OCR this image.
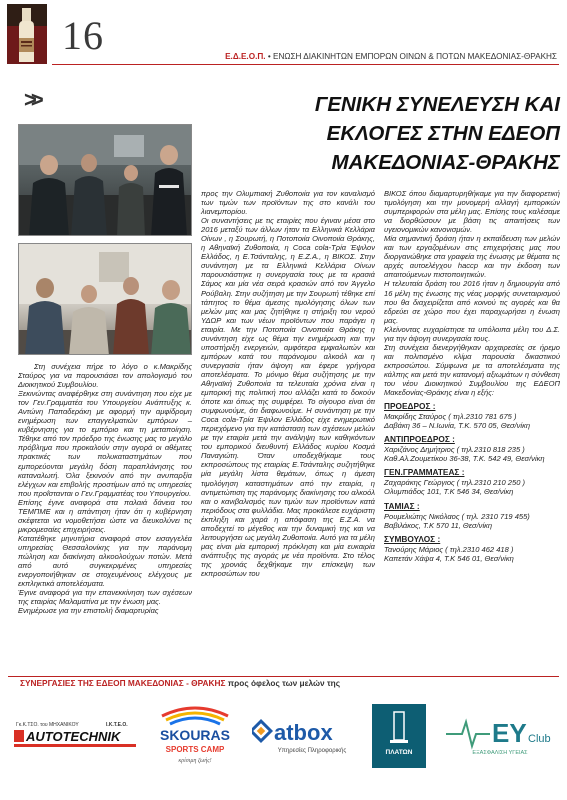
16	Ε.Δ.Ε.Ο.Π. • ΕΝΩΣΗ ΔΙΑΚΙΝΗΤΩΝ ΕΜΠΟΡΩΝ ΟΙΝΩΝ & ΠΟΤΩΝ ΜΑΚΕΔΟΝΙΑΣ-ΘΡΑΚΗΣ
>>	ΓΕΝΙΚΗ ΣΥΝΕΛΕΥΣΗ ΚΑΙ
ΕΚΛΟΓΕΣ ΣΤΗΝ ΕΔΕΟΠ
ΜΑΚΕΔΟΝΙΑΣ-ΘΡΑΚΗΣ

Στη συνέχεια πήρε το λόγο ο κ.Μακρίδης Σταύρος για να παρουσιάσει τον απολογισμό του Διοικητικού Συμβουλίου.

Ξεκινώντας αναφέρθηκε στη συνάντηση που είχε με τον Γεν.Γραμματέα του Υπουργείου Ανάπτυξης κ. Αντώνη Παπαδεράκη με αφορμή την αμφίδρομη ενημέρωση των επαγγελματιών εμπόρων – κυβέρνησης για το εμπόριο και τη μεταποίηση. Τέθηκε από τον πρόεδρο της ένωσης μας το μεγάλο πρόβλημα που προκαλούν στην αγορά οι αθέμιτες πρακτικές των πολυκαταστημάτων που εμπορεύονται μεγάλη δόση παραπλάνησης του καταναλωτή. Όλα ξεκινούν από την ανυπαρξία ελέγχων και επιβολής προστίμων από τις υπηρεσίες που προΐστανται ο Γεν.Γραμματέας του Υπουργείου.

Επίσης έγινε αναφορά στα παλαιά δάνεια του ΤΕΜΠΜΕ και η απάντηση ήταν ότι η κυβέρνηση σκέφτεται να νομοθετήσει ώστε να διευκολύνει τις μικρομεσαίες επιχειρήσεις.

Κατατέθηκε μηνυτήρια αναφορά στον εισαγγελέα υπηρεσίας Θεσσαλονίκης για την παράνομη πώληση και διακίνηση αλκοολούχων ποτών. Μετά από αυτό συγκεκριμένες υπηρεσίες ενεργοποιήθηκαν σε στοχευμένους ελέγχους με εκπληκτικά αποτελέσματα.

Έγινε αναφορά για την επανεκκίνηση των σχέσεων της εταιρίας Μαλαματίνα με την ένωση μας.

Ενημέρωσε για την επιστολή διαμαρτυρίας

προς την Ολυμπιακή Ζυθοποιία για τον καναλισμό των τιμών των προϊόντων της στο κανάλι του λιανεμπορίου.

Οι συναντήσεις με τις εταιρίες που έγιναν μέσα στο 2016 μεταξύ των άλλων ήταν τα Ελληνικά Κελλάρια Οίνων , η Σουρωτή, η Ποτοποιία Οινοποιία Θράκης, η Αθηναϊκή Ζυθοποιία, η Coca cola-Τρία Έψιλον Ελλάδος, η Ε.Τσάνταλης, η Ε.Ζ.Α., η ΒΙΚΟΣ. Στην συνάντηση με τα Ελληνικά Κελλάρια Οίνων παρουσιάστηκε η συνεργασία τους με τα κρασιά Σάμος και μία νέα σειρά κρασιών από τον Άγγελο Ρούβαλη. Στην συζήτηση με την Σουρωτή τέθηκε επί τάπητος το θέμα άμεσης τιμολόγησης όλων των μελών μας και μας ζητήθηκε η στήριξη του νερού ΥΔΩΡ και των νέων προϊόντων που παράγει η εταιρία. Με την Ποτοποιία Οινοποιία Θράκης η συνάντηση είχε ως θέμα την ενημέρωση και την υποστήριξη ενεργειών, αμφότερα εμφιαλωτών και εμπόρων κατά του παράνομου αλκοόλ και η συνεργασία ήταν άψογη και έφερε γρήγορα αποτελέσματα. Το μόνιμο θέμα συζήτησης με την Αθηναϊκή Ζυθοποιία τα τελευταία χρόνια είναι η εμπορική της πολιτική που αλλάζει κατά το δοκούν όποτε και όπως της συμφέρει. Το σίγουρο είναι ότι συμφωνούμε, ότι διαφωνούμε. Η συνάντηση με την Coca cola-Τρία Έψιλον Ελλάδος είχε ενημερωτικό περιεχόμενο για την κατάσταση των σχέσεων μελών με την εταιρία μετά την ανάληψη των καθηκόντων του εμπορικού διευθυντή Ελλάδος κυρίου Κοσμά Παναγιώτη. Όταν υποδεχθήκαμε τους εκπροσώπους της εταιρίας Ε.Τσάνταλης συζητήθηκε μία μεγάλη λίστα θεμάτων, όπως η άμεση τιμολόγηση καταστημάτων από την εταιρία, η αντιμετώπιση της παράνομης διακίνησης του αλκοόλ και ο κανιβαλισμός των τιμών των προϊόντων κατά περιόδους στα φυλλάδια. Μας προκάλεσε ευχάριστη έκπληξη και χαρά η απόφαση της Ε.Ζ.Α. να αποδεχτεί το μέγεθος και την δυναμική της και να λειτουργήσει ως μεγάλη Ζυθοποιία. Αυτό για τα μέλη μας είναι μία εμπορική πρόκληση και μία ευκαιρία ανάπτυξης της αγοράς με νέα προϊόντα. Στο τέλος της χρονιάς δεχθήκαμε την επίσκεψη των εκπροσώπων του

ΒΙΚΟΣ όπου διαμαρτυρηθήκαμε για την διαφορετική τιμολόγηση και την μονομερή αλλαγή εμπορικών συμπεριφορών στα μέλη μας. Επίσης τους καλέσαμε να διορθώσουν με βάση τις απαιτήσεις των υγειονομικών κανονισμών.

Μία σημαντική δράση ήταν η εκπαίδευση των μελών και των εργαζομένων στις επιχειρήσεις μας που διοργανώθηκε στα γραφεία της ένωσης με θέματα τις αρχές αυτοελέγχου haccp και την έκδοση των απαιτούμενων πιστοποιητικών.

Η τελευταία δράση του 2016 ήταν η δημιουργία από 16 μέλη της ένωσης της νέας μορφής συνεταιρισμού που θα διαχειρίζεται από κοινού τις αγορές και θα εδρεύει σε χώρο που έχει παραχωρήσει η ένωση μας.

Κλείνοντας ευχαρίστησε τα υπόλοιπα μέλη του Δ.Σ. για την άψογη συνεργασία τους.

Στη συνέχεια διενεργήθηκαν αρχαιρεσίες σε ήρεμο και πολιτισμένο κλίμα παρουσία δικαστικού εκπροσώπου. Σύμφωνα με τα αποτελέσματα της κάλπης και μετά την κατανομή αξιωμάτων η σύνθεση του νέου Διοικητικού Συμβουλίου της ΕΔΕΟΠ Μακεδονίας-Θράκης είναι η εξής:

ΠΡΟΕΔΡΟΣ :
Μακρίδης Σταύρος ( τηλ.2310 781 675 )
Δαβάκη 36 – Ν.Ιωνία, Τ.Κ. 570 05, Θεσ/νίκη
ΑΝΤΙΠΡΟΕΔΡΟΣ :
Χαριζάνος Δημήτριος ( τηλ.2310 818 235 )
Καθ.Αλ.Ζουμετίκου 36-38, Τ.Κ. 542 49, Θεσ/νίκη
ΓΕΝ.ΓΡΑΜΜΑΤΕΑΣ :
Ζαχαράκης Γεώργιος ( τηλ.2310 210 250 )
Ολυμπιάδος 101, Τ.Κ 546 34, Θεσ/νίκη
ΤΑΜΙΑΣ :
Ρουμελιώτης Νικόλαος ( τηλ. 2310 719 455)
Βαβιλάκος, Τ.Κ 570 11, Θεσ/νίκη
ΣΥΜΒΟΥΛΟΣ :
Τανούρης Μάριος ( τηλ.2310 462 418 )
Καπετάν Χάψα 4, Τ.Κ 546 01, Θεσ/νίκη
ΣΥΝΕΡΓΑΣΙΕΣ ΤΗΣ ΕΔΕΟΠ ΜΑΚΕΔΟΝΙΑΣ - ΘΡΑΚΗΣ προς όφελος των μελών της
Γκ.Κ.ΤΣΟ. του ΜΗΧΑΝΙΚΟΥ	Ι.Κ.Τ.Ε.Ο.
AUTOTECHNIK	SKOURAS
SPORTS CAMP
κρίσιμη ζωής!
atbox
Υπηρεσίες Πληροφορικής	ΠΛΑΤΩΝ
EY Club
ΕΞΑΣΦΑΛΙΣΗ ΥΓΕΙΑΣ
